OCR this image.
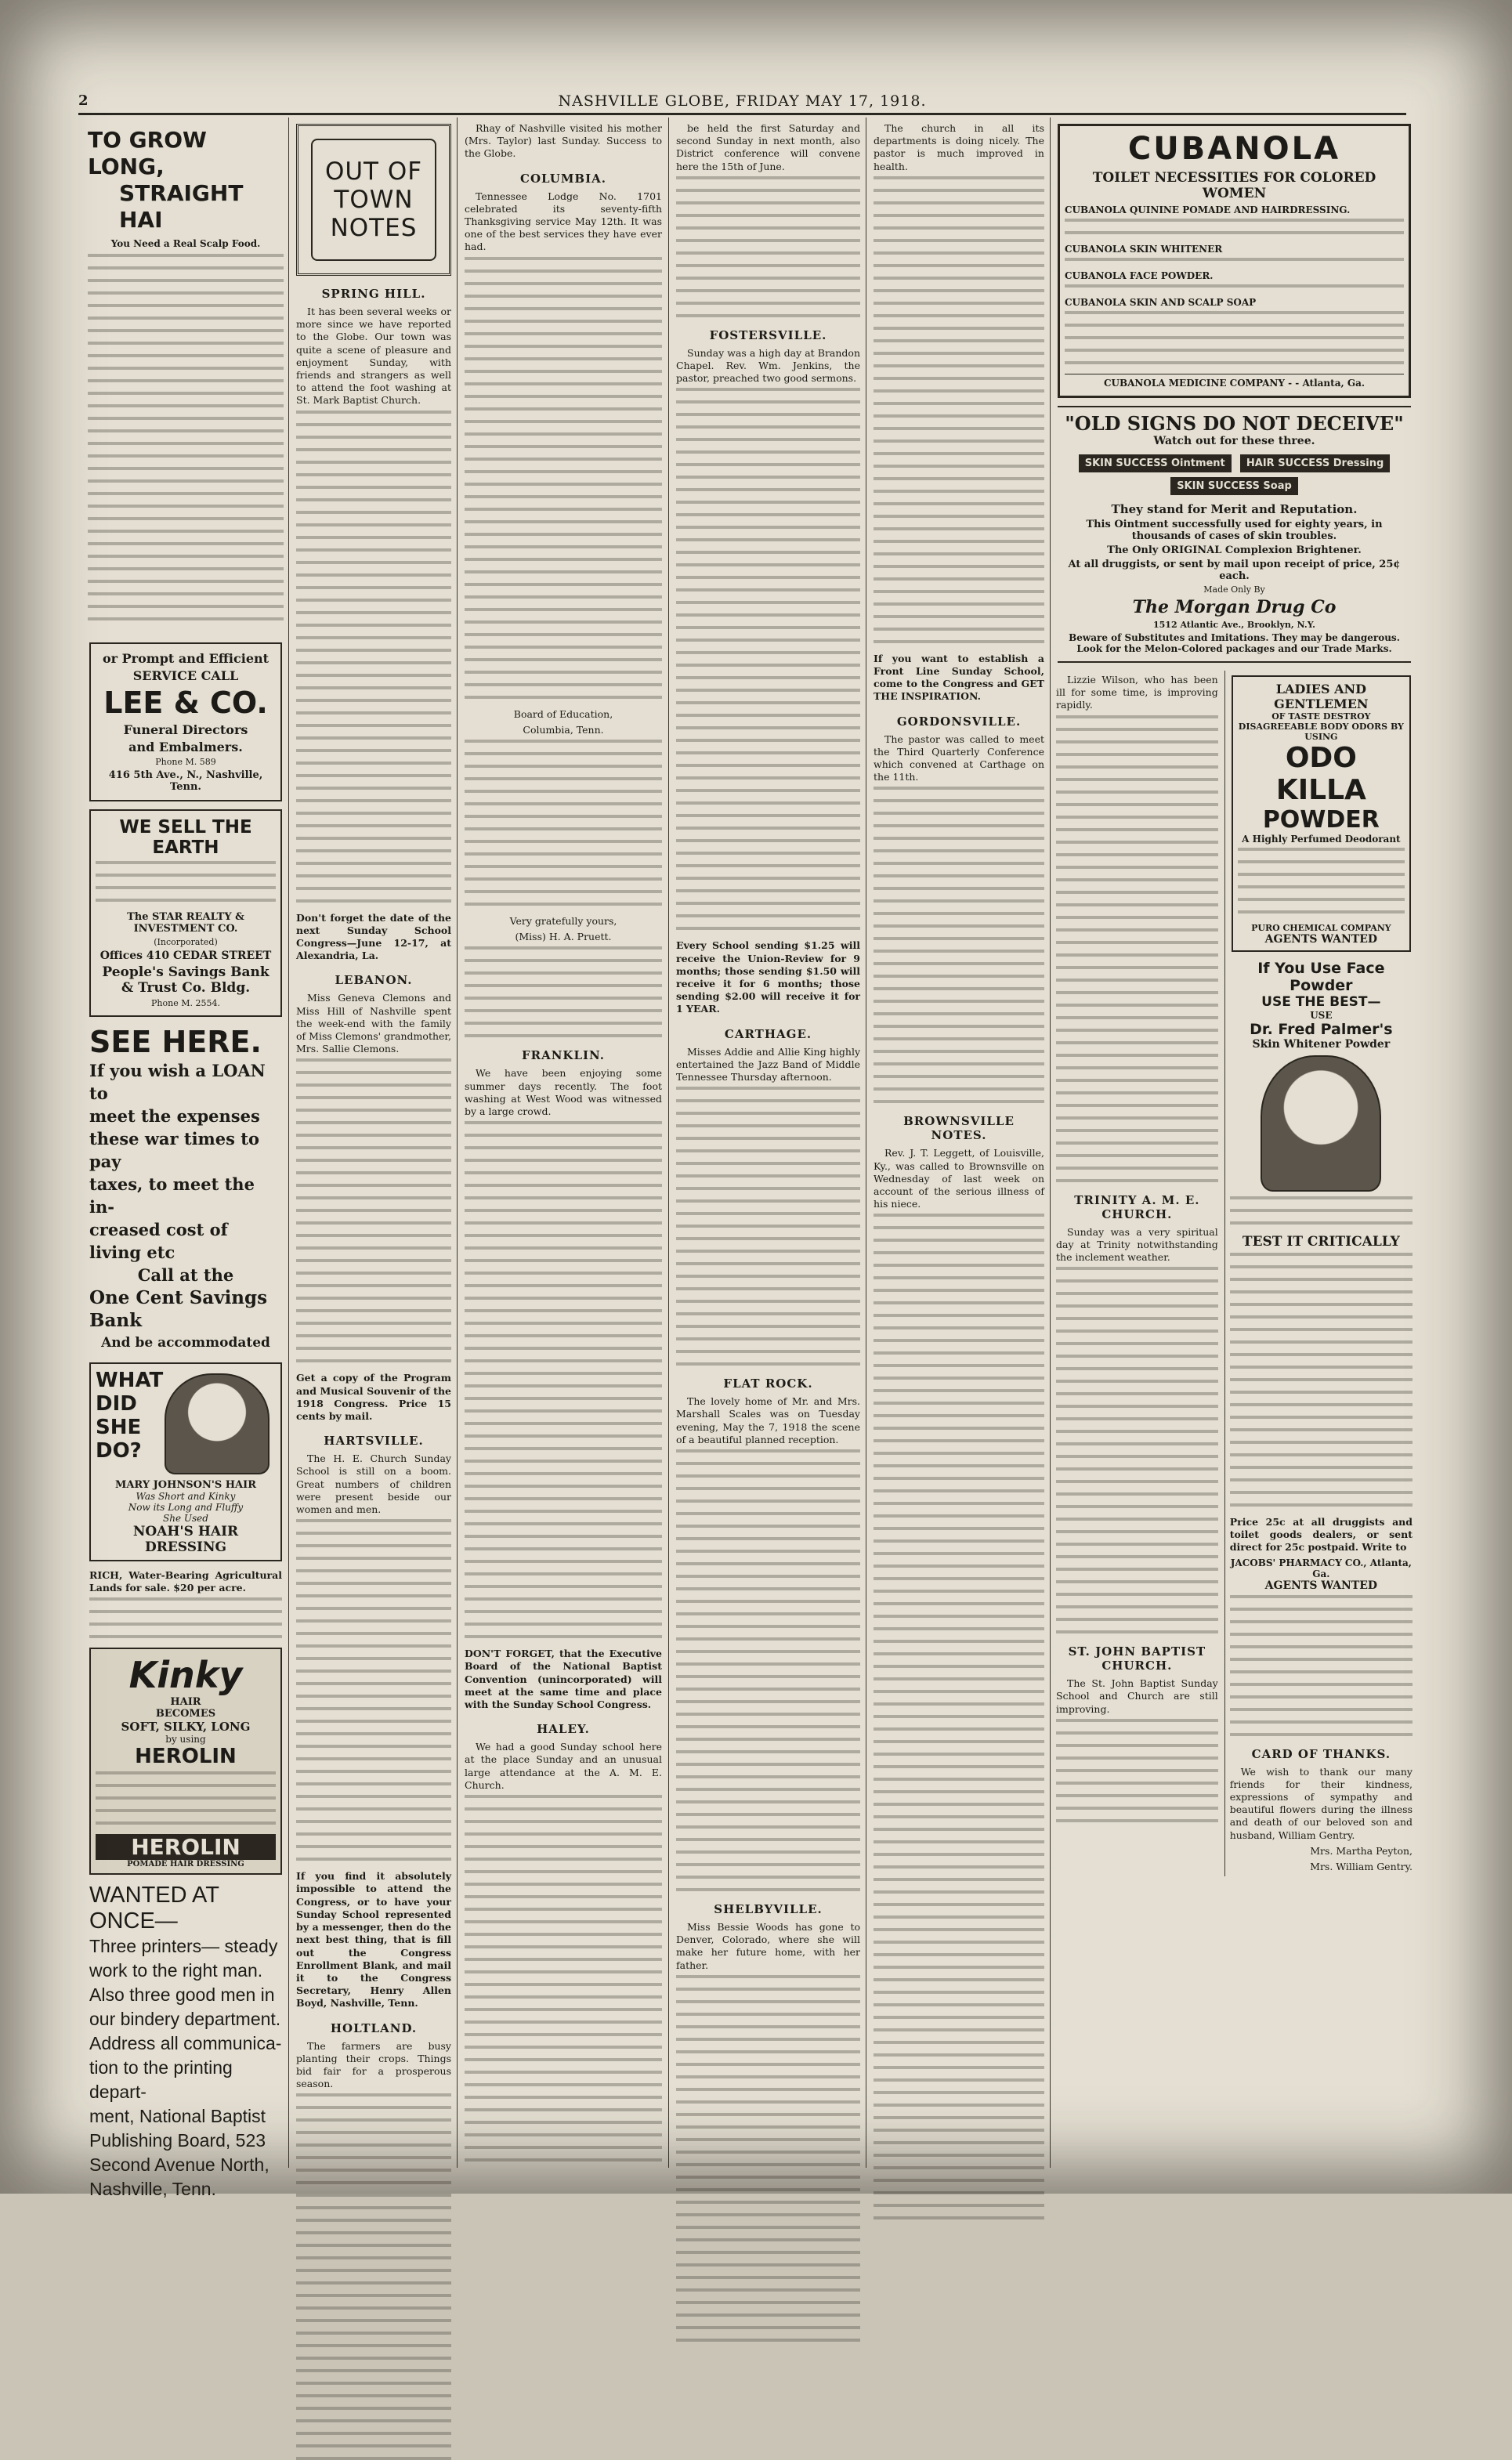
2	NASHVILLE GLOBE, FRIDAY MAY 17, 1918.
TO GROW LONG,
STRAIGHT HAI
You Need a Real Scalp Food.

or Prompt and Efficient

SERVICE CALL

LEE & CO.

Funeral Directors

and Embalmers.

Phone M. 589

416 5th Ave., N., Nashville, Tenn.

WE SELL THE EARTH

The STAR REALTY & INVESTMENT CO.

(Incorporated)

Offices 410 CEDAR STREET

People's Savings Bank & Trust Co. Bldg.

Phone M. 2554.

SEE HERE.
If you wish a LOAN to
meet the expenses
these war times to pay
taxes, to meet the in-
creased cost of living etc
Call at the
One Cent Savings Bank
And be accommodated
WHAT
DID
SHE
DO?
MARY JOHNSON'S HAIR
Was Short and Kinky
Now its Long and Fluffy
She Used
NOAH'S HAIR DRESSING

RICH, Water-Bearing Agricultural Lands for sale. $20 per acre.

Kinky
HAIR
BECOMES
SOFT, SILKY, LONG
by using
HEROLIN
HEROLIN
POMADE HAIR DRESSING
WANTED AT ONCE—
Three printers— steady
work to the right man.
Also three good men in
our bindery department.
Address all communica-
tion to the printing depart-
ment, National Baptist
Publishing Board, 523
Second Avenue North,
Nashville, Tenn.
OUT OF TOWN NOTES
SPRING HILL.

It has been several weeks or more since we have reported to the Globe. Our town was quite a scene of pleasure and enjoyment Sunday, with friends and strangers as well to attend the foot washing at St. Mark Baptist Church.

Don't forget the date of the next Sunday School Congress—June 12-17, at Alexandria, La.

LEBANON.

Miss Geneva Clemons and Miss Hill of Nashville spent the week-end with the family of Miss Clemons' grandmother, Mrs. Sallie Clemons.

Get a copy of the Program and Musical Souvenir of the 1918 Congress. Price 15 cents by mail.

HARTSVILLE.

The H. E. Church Sunday School is still on a boom. Great numbers of children were present beside our women and men.

If you find it absolutely impossible to attend the Congress, or to have your Sunday School represented by a messenger, then do the next best thing, that is fill out the Congress Enrollment Blank, and mail it to the Congress Secretary, Henry Allen Boyd, Nashville, Tenn.

HOLTLAND.

The farmers are busy planting their crops. Things bid fair for a prosperous season.

Rhay of Nashville visited his mother (Mrs. Taylor) last Sunday. Success to the Globe.

COLUMBIA.

Tennessee Lodge No. 1701 celebrated its seventy-fifth Thanksgiving service May 12th. It was one of the best services they have ever had.

Board of Education,

Columbia, Tenn.

Very gratefully yours,

(Miss) H. A. Pruett.

FRANKLIN.

We have been enjoying some summer days recently. The foot washing at West Wood was witnessed by a large crowd.

DON'T FORGET, that the Executive Board of the National Baptist Convention (unincorporated) will meet at the same time and place with the Sunday School Congress.

HALEY.

We had a good Sunday school here at the place Sunday and an unusual large attendance at the A. M. E. Church.

be held the first Saturday and second Sunday in next month, also District conference will convene here the 15th of June.

FOSTERSVILLE.

Sunday was a high day at Brandon Chapel. Rev. Wm. Jenkins, the pastor, preached two good sermons.

Every School sending $1.25 will receive the Union-Review for 9 months; those sending $1.50 will receive it for 6 months; those sending $2.00 will receive it for 1 YEAR.

CARTHAGE.

Misses Addie and Allie King highly entertained the Jazz Band of Middle Tennessee Thursday afternoon.

FLAT ROCK.

The lovely home of Mr. and Mrs. Marshall Scales was on Tuesday evening, May the 7, 1918 the scene of a beautiful planned reception.

SHELBYVILLE.

Miss Bessie Woods has gone to Denver, Colorado, where she will make her future home, with her father.

The church in all its departments is doing nicely. The pastor is much improved in health.

If you want to establish a Front Line Sunday School, come to the Congress and GET THE INSPIRATION.

GORDONSVILLE.

The pastor was called to meet the Third Quarterly Conference which convened at Carthage on the 11th.

BROWNSVILLE NOTES.

Rev. J. T. Leggett, of Louisville, Ky., was called to Brownsville on Wednesday of last week on account of the serious illness of his niece.

CUBANOLA
TOILET NECESSITIES FOR COLORED WOMEN

CUBANOLA QUININE POMADE AND HAIRDRESSING.

CUBANOLA SKIN WHITENER

CUBANOLA FACE POWDER.

CUBANOLA SKIN AND SCALP SOAP

CUBANOLA MEDICINE COMPANY - - Atlanta, Ga.

"OLD SIGNS DO NOT DECEIVE"
Watch out for these three.
SKIN SUCCESS Ointment HAIR SUCCESS Dressing SKIN SUCCESS Soap

They stand for Merit and Reputation.

This Ointment successfully used for eighty years, in thousands of cases of skin troubles.

The Only ORIGINAL Complexion Brightener.

At all druggists, or sent by mail upon receipt of price, 25¢ each.

Made Only By

The Morgan Drug Co

1512 Atlantic Ave., Brooklyn, N.Y.

Beware of Substitutes and Imitations. They may be dangerous. Look for the Melon-Colored packages and our Trade Marks.

Lizzie Wilson, who has been ill for some time, is improving rapidly.

TRINITY A. M. E. CHURCH.

Sunday was a very spiritual day at Trinity notwithstanding the inclement weather.

ST. JOHN BAPTIST CHURCH.

The St. John Baptist Sunday School and Church are still improving.

LADIES AND GENTLEMEN
OF TASTE DESTROY DISAGREEABLE BODY ODORS BY USING
ODO KILLA
POWDER
A Highly Perfumed Deodorant
PURO CHEMICAL COMPANY
AGENTS WANTED
If You Use Face Powder
USE THE BEST—
USE
Dr. Fred Palmer's
Skin Whitener Powder
TEST IT CRITICALLY

Price 25c at all druggists and toilet goods dealers, or sent direct for 25c postpaid. Write to

JACOBS' PHARMACY CO., Atlanta, Ga.
AGENTS WANTED
CARD OF THANKS.

We wish to thank our many friends for their kindness, expressions of sympathy and beautiful flowers during the illness and death of our beloved son and husband, William Gentry.

Mrs. Martha Peyton,

Mrs. William Gentry.
